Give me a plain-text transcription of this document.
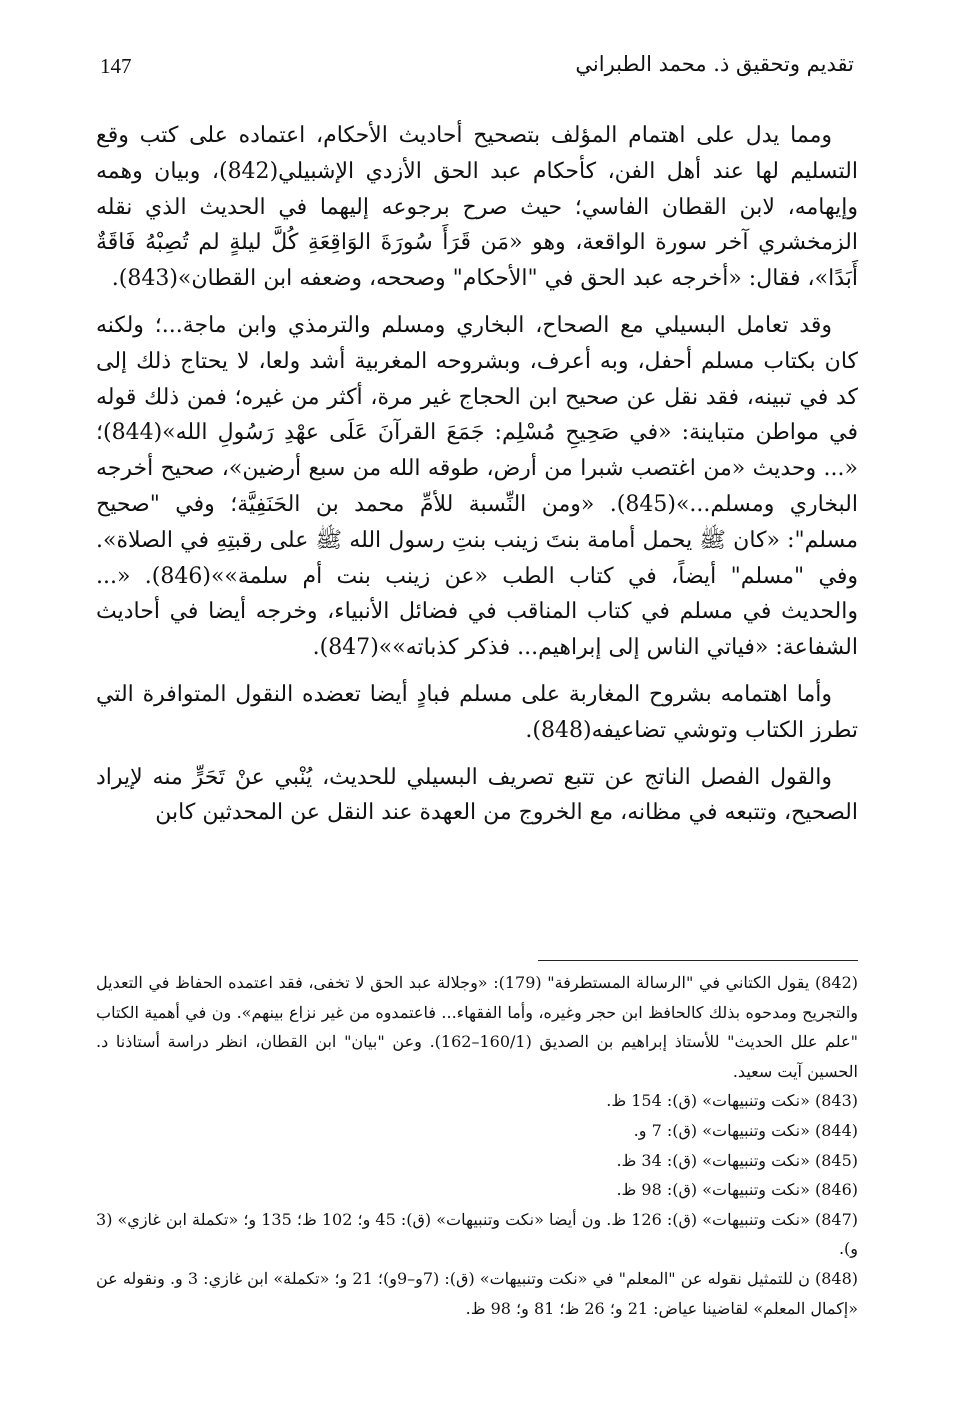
تقديم وتحقيق ذ. محمد الطبراني
147

ومما يدل على اهتمام المؤلف بتصحيح أحاديث الأحكام، اعتماده على كتب وقع التسليم لها عند أهل الفن، كأحكام عبد الحق الأزدي الإشبيلي(842)، وبيان وهمه وإيهامه، لابن القطان الفاسي؛ حيث صرح برجوعه إليهما في الحديث الذي نقله الزمخشري آخر سورة الواقعة، وهو «مَن قَرَأَ سُورَةَ الوَاقِعَةِ كُلَّ ليلةٍ لم تُصِبْهُ فَاقَةٌ أَبَدًا»، فقال: «أخرجه عبد الحق في "الأحكام" وصححه، وضعفه ابن القطان»(843).

وقد تعامل البسيلي مع الصحاح، البخاري ومسلم والترمذي وابن ماجة...؛ ولكنه كان بكتاب مسلم أحفل، وبه أعرف، وبشروحه المغربية أشد ولعا، لا يحتاج ذلك إلى كد في تبينه، فقد نقل عن صحيح ابن الحجاج غير مرة، أكثر من غيره؛ فمن ذلك قوله في مواطن متباينة: «في صَحِيحِ مُسْلِم: جَمَعَ القرآنَ عَلَى عهْدِ رَسُولِ الله»(844)؛ «... وحديث «من اغتصب شبرا من أرض، طوقه الله من سبع أرضين»، صحيح أخرجه البخاري ومسلم...»(845). «ومن النِّسبة للأمِّ محمد بن الحَنَفِيَّة؛ وفي "صحيح مسلم": «كان ﷺ يحمل أمامة بنتَ زينب بنتِ رسول الله ﷺ على رقبتِهِ في الصلاة». وفي "مسلم" أيضاً، في كتاب الطب «عن زينب بنت أم سلمة»»(846). «... والحديث في مسلم في كتاب المناقب في فضائل الأنبياء، وخرجه أيضا في أحاديث الشفاعة: «فياتي الناس إلى إبراهيم... فذكر كذباته»»(847).

وأما اهتمامه بشروح المغاربة على مسلم فبادٍ أيضا تعضده النقول المتوافرة التي تطرز الكتاب وتوشي تضاعيفه(848).

والقول الفصل الناتج عن تتبع تصريف البسيلي للحديث، يُنْبي عنْ تَحَرٍّ منه لإيراد الصحيح، وتتبعه في مظانه، مع الخروج من العهدة عند النقل عن المحدثين كابن

(842) يقول الكتاني في "الرسالة المستطرفة" (179): «وجلالة عبد الحق لا تخفى، فقد اعتمده الحفاظ في التعديل والتجريح ومدحوه بذلك كالحافظ ابن حجر وغيره، وأما الفقهاء... فاعتمدوه من غير نزاع بينهم». ون في أهمية الكتاب "علم علل الحديث" للأستاذ إبراهيم بن الصديق (160/1–162). وعن "بيان" ابن القطان، انظر دراسة أستاذنا د. الحسين آيت سعيد.

(843) «نكت وتنبيهات» (ق): 154 ظ.

(844) «نكت وتنبيهات» (ق): 7 و.

(845) «نكت وتنبيهات» (ق): 34 ظ.

(846) «نكت وتنبيهات» (ق): 98 ظ.

(847) «نكت وتنبيهات» (ق): 126 ظ. ون أيضا «نكت وتنبيهات» (ق): 45 و؛ 102 ظ؛ 135 و؛ «تكملة ابن غازي» (3 و).

(848) ن للتمثيل نقوله عن "المعلم" في «نكت وتنبيهات» (ق): (7و–9و)؛ 21 و؛ «تكملة» ابن غازي: 3 و. ونقوله عن «إكمال المعلم» لقاضينا عياض: 21 و؛ 26 ظ؛ 81 و؛ 98 ظ.
